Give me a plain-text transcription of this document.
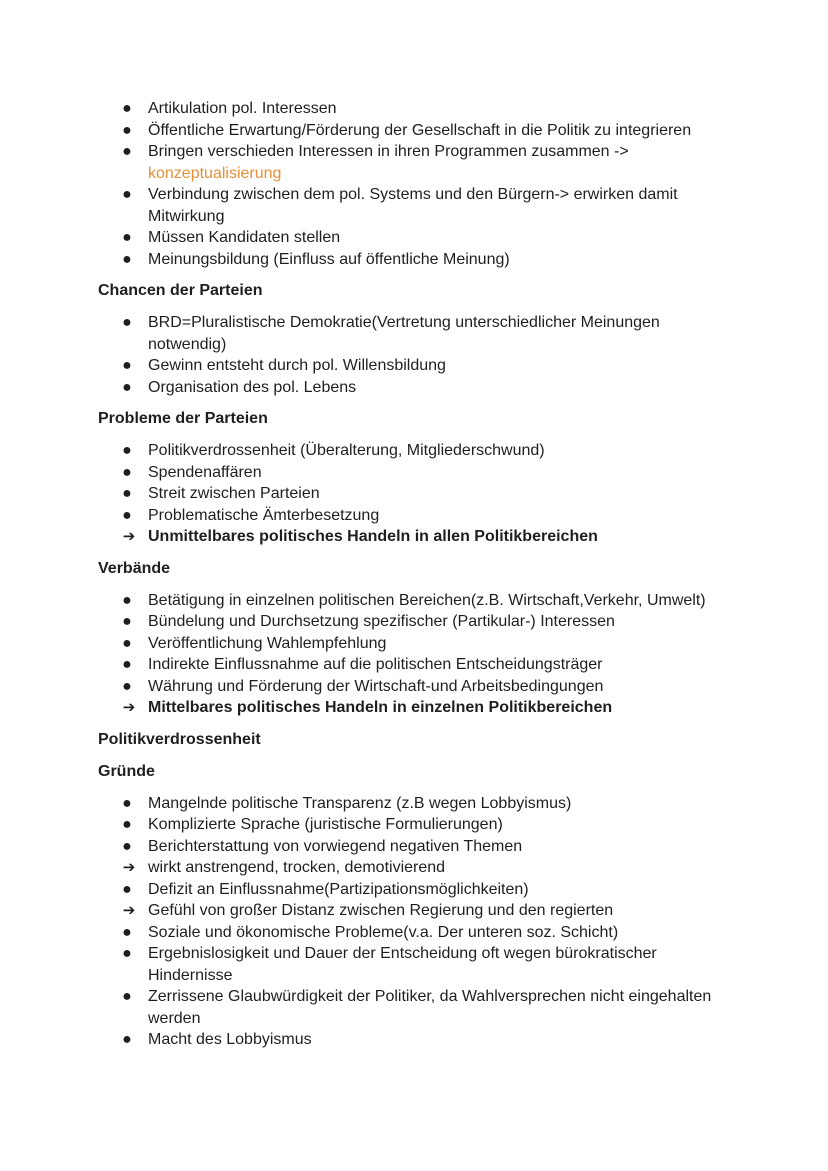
● Artikulation pol. Interessen
● Öffentliche Erwartung/Förderung der Gesellschaft in die Politik zu integrieren
● Bringen verschieden Interessen in ihren Programmen zusammen ->
konzeptualisierung
● Verbindung zwischen dem pol. Systems und den Bürgern-> erwirken damit Mitwirkung
● Müssen Kandidaten stellen
● Meinungsbildung (Einfluss auf öffentliche Meinung)
Chancen der Parteien
● BRD=Pluralistische Demokratie(Vertretung unterschiedlicher Meinungen notwendig)
● Gewinn entsteht durch pol. Willensbildung
● Organisation des pol. Lebens
Probleme der Parteien
● Politikverdrossenheit (Überalterung, Mitgliederschwund)
● Spendenaffären
● Streit zwischen Parteien
● Problematische Ämterbesetzung
➔ Unmittelbares politisches Handeln in allen Politikbereichen
Verbände
● Betätigung in einzelnen politischen Bereichen(z.B. Wirtschaft,Verkehr, Umwelt)
● Bündelung und Durchsetzung spezifischer (Partikular-) Interessen
● Veröffentlichung Wahlempfehlung
● Indirekte Einflussnahme auf die politischen Entscheidungsträger
● Währung und Förderung der Wirtschaft-und Arbeitsbedingungen
➔ Mittelbares politisches Handeln in einzelnen Politikbereichen
Politikverdrossenheit
Gründe
● Mangelnde politische Transparenz (z.B wegen Lobbyismus)
● Komplizierte Sprache (juristische Formulierungen)
● Berichterstattung von vorwiegend negativen Themen
➔ wirkt anstrengend, trocken, demotivierend
● Defizit an Einflussnahme(Partizipationsmöglichkeiten)
➔ Gefühl von großer Distanz zwischen Regierung und den regierten
● Soziale und ökonomische Probleme(v.a. Der unteren soz. Schicht)
● Ergebnislosigkeit und Dauer der Entscheidung oft wegen bürokratischer Hindernisse
● Zerrissene Glaubwürdigkeit der Politiker, da Wahlversprechen nicht eingehalten werden
● Macht des Lobbyismus
